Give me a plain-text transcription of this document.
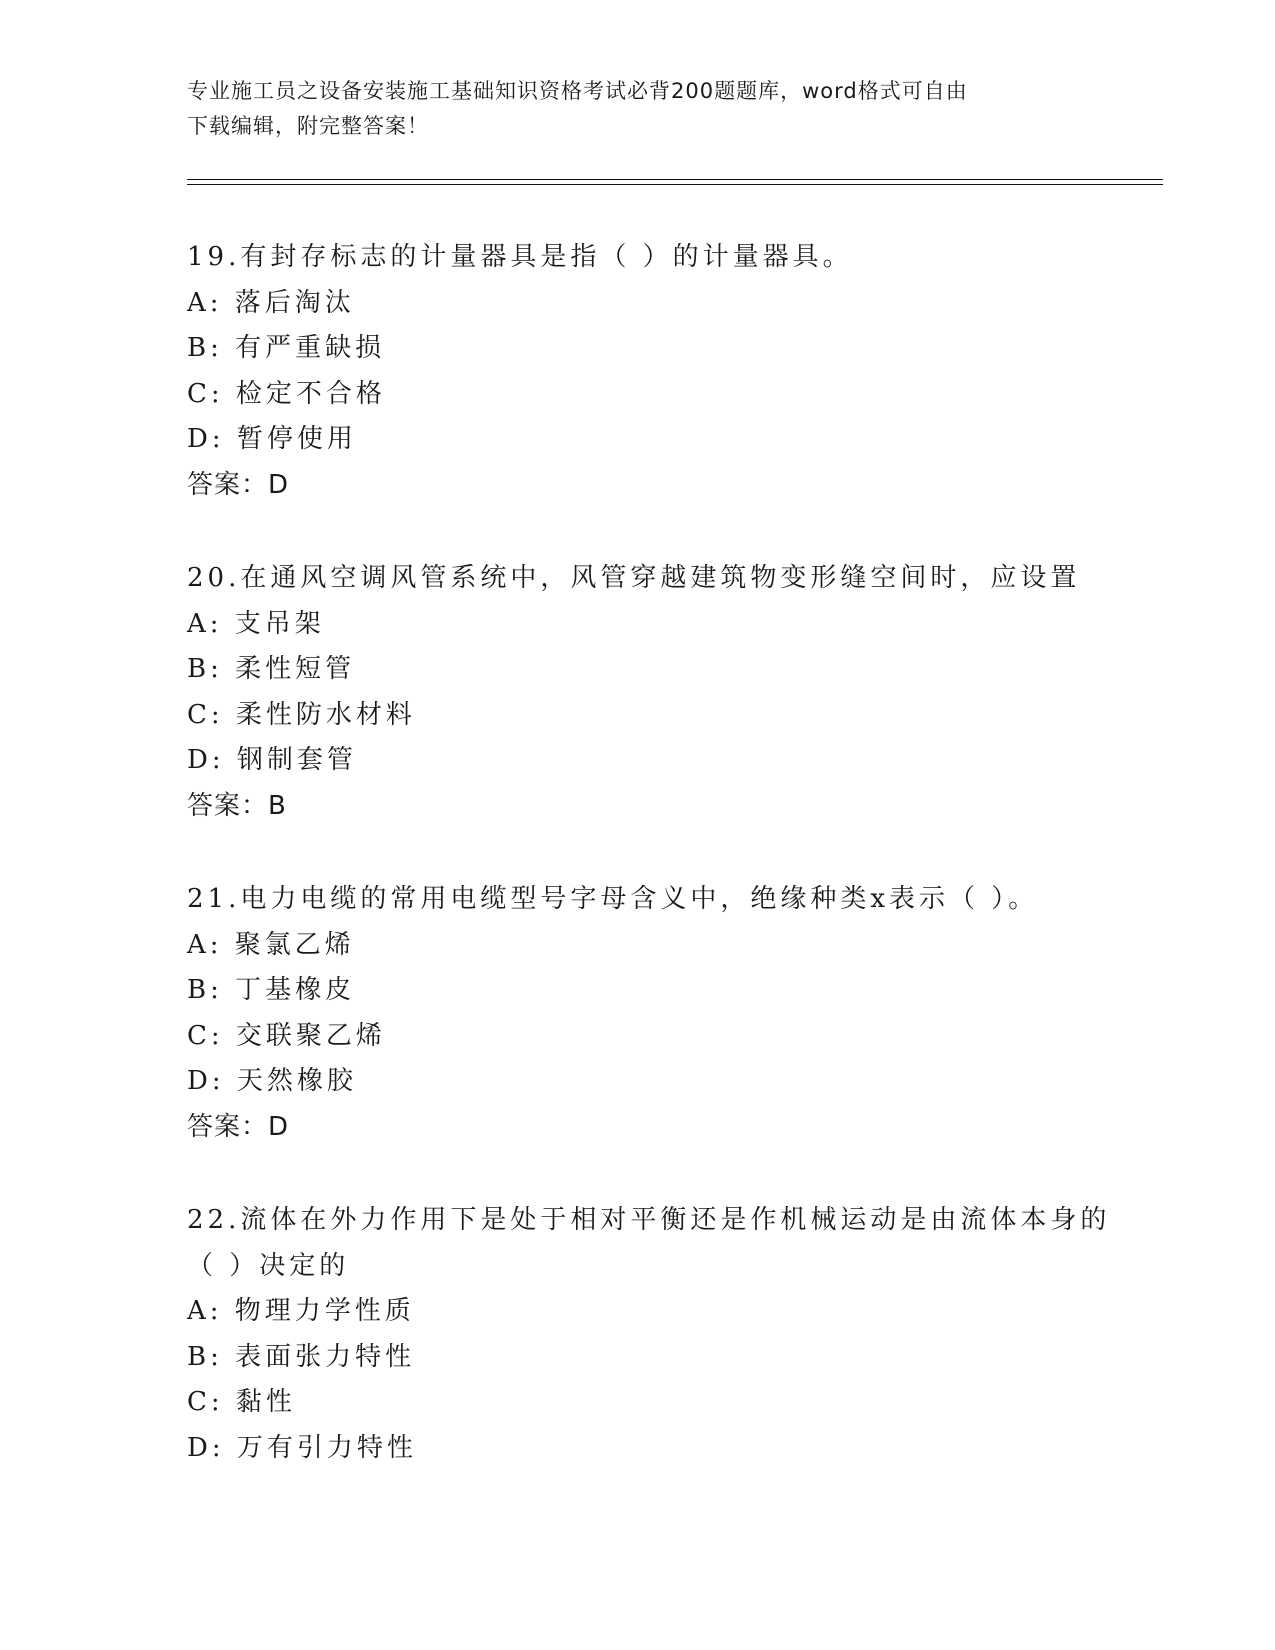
专业施工员之设备安装施工基础知识资格考试必背200题题库，word格式可自由
下载编辑，附完整答案！
19.有封存标志的计量器具是指（ ）的计量器具。
A: 落后淘汰
B: 有严重缺损
C: 检定不合格
D: 暂停使用
答案：D
20.在通风空调风管系统中，风管穿越建筑物变形缝空间时，应设置
A: 支吊架
B: 柔性短管
C: 柔性防水材料
D: 钢制套管
答案：B
21.电力电缆的常用电缆型号字母含义中，绝缘种类x表示（ ）。
A: 聚氯乙烯
B: 丁基橡皮
C: 交联聚乙烯
D: 天然橡胶
答案：D
22.流体在外力作用下是处于相对平衡还是作机械运动是由流体本身的
（ ）决定的
A: 物理力学性质
B: 表面张力特性
C: 黏性
D: 万有引力特性
